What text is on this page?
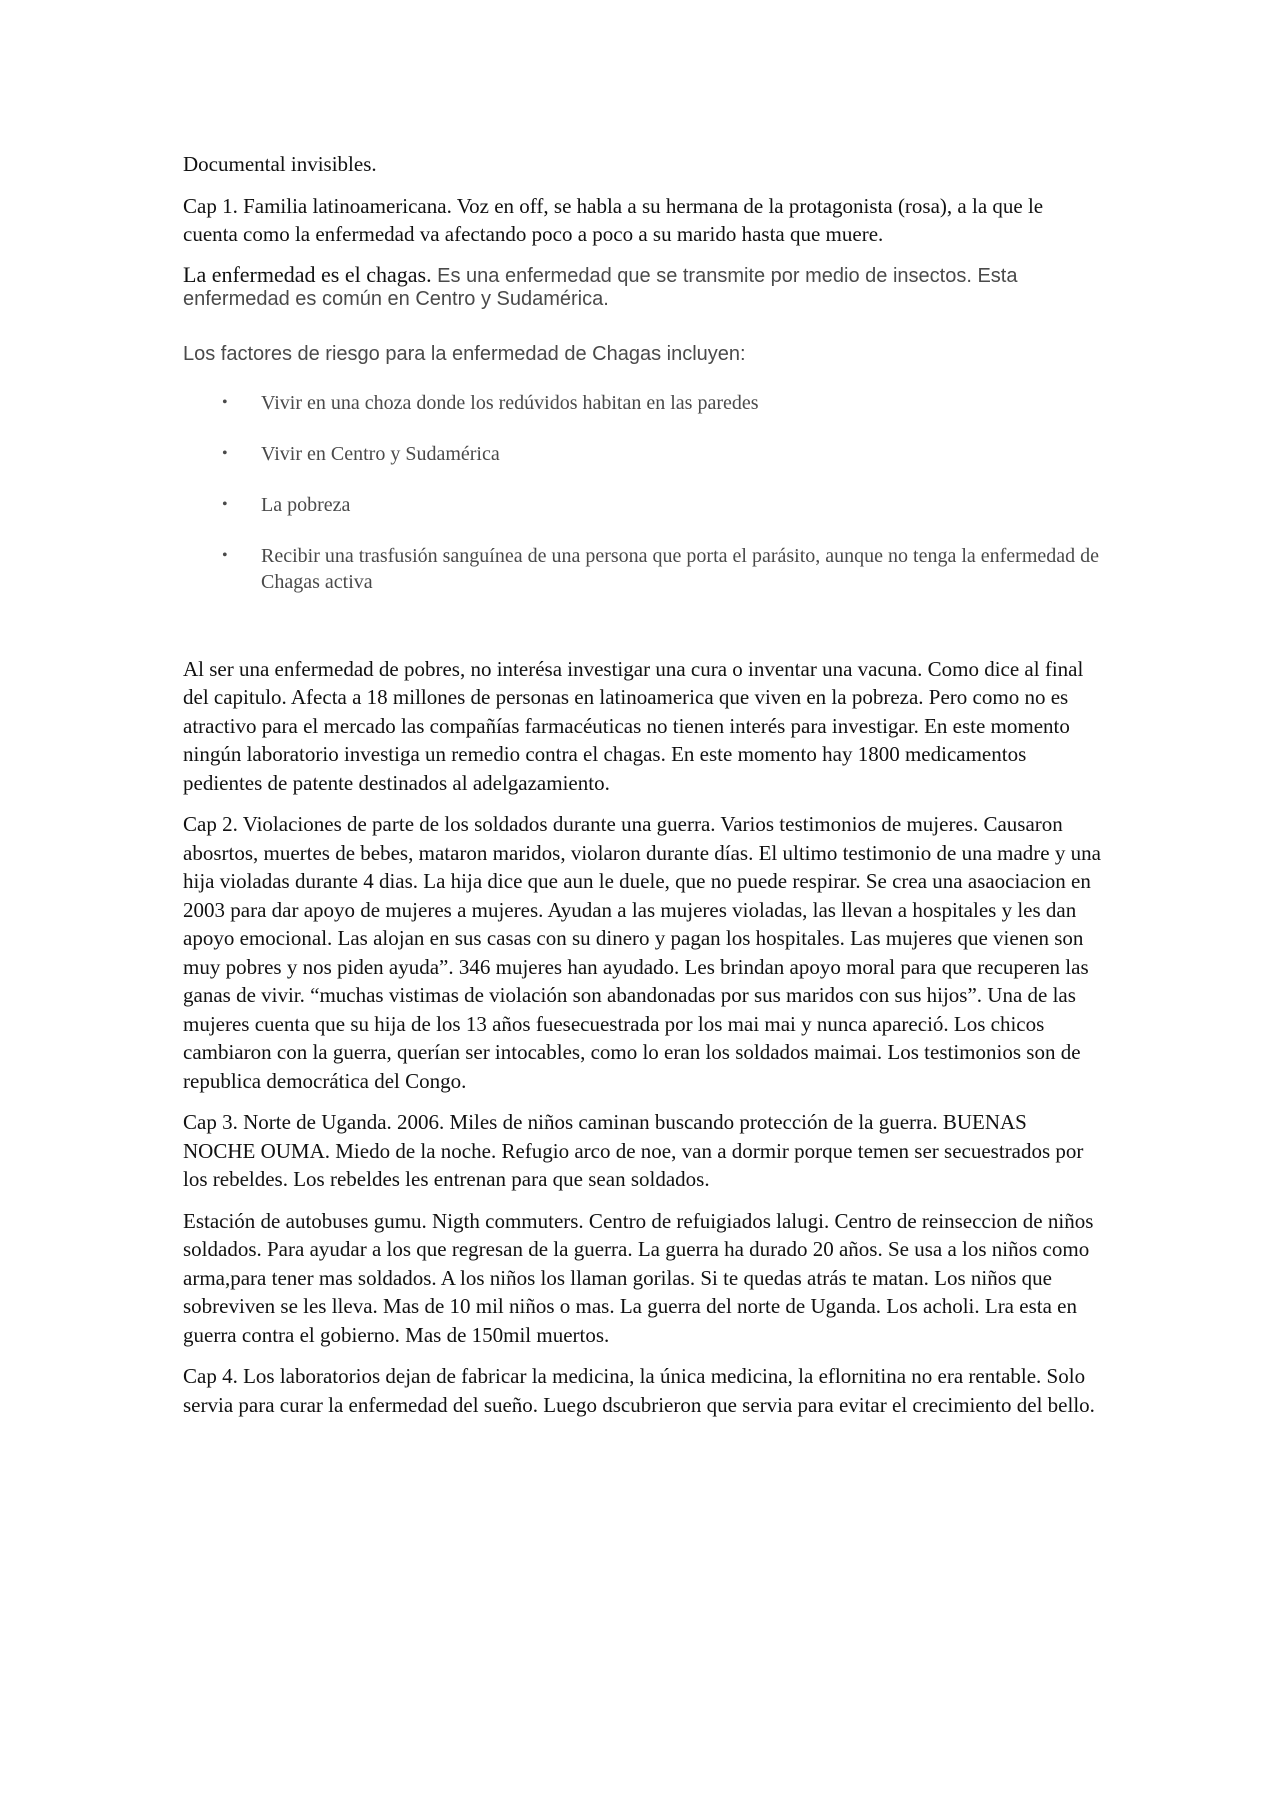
Documental invisibles.

Cap 1. Familia latinoamericana. Voz en off, se habla a su hermana de la protagonista (rosa), a la que le cuenta como la enfermedad va afectando poco a poco a su marido hasta que muere.

La enfermedad es el chagas. Es una enfermedad que se transmite por medio de insectos. Esta enfermedad es común en Centro y Sudamérica.

Los factores de riesgo para la enfermedad de Chagas incluyen:

• Vivir en una choza donde los redúvidos habitan en las paredes
• Vivir en Centro y Sudamérica
• La pobreza
• Recibir una trasfusión sanguínea de una persona que porta el parásito, aunque no tenga la enfermedad de Chagas activa

Al ser una enfermedad de pobres, no interésa investigar una cura o inventar una vacuna. Como dice al final del capitulo. Afecta a 18 millones de personas en latinoamerica que viven en la pobreza. Pero como no es atractivo para el mercado las compañías farmacéuticas no tienen interés para investigar. En este momento ningún laboratorio investiga un remedio contra el chagas. En este momento hay 1800 medicamentos pedientes de patente destinados al adelgazamiento.

Cap 2. Violaciones de parte de los soldados durante una guerra. Varios testimonios de mujeres. Causaron abosrtos, muertes de bebes, mataron maridos, violaron durante días. El ultimo testimonio de una madre y una hija violadas durante 4 dias. La hija dice que aun le duele, que no puede respirar. Se crea una asaociacion en 2003 para dar apoyo de mujeres a mujeres. Ayudan a las mujeres violadas, las llevan a hospitales y les dan apoyo emocional. Las alojan en sus casas con su dinero y pagan los hospitales. Las mujeres que vienen son muy pobres y nos piden ayuda”. 346 mujeres han ayudado. Les brindan apoyo moral para que recuperen las ganas de vivir. “muchas vistimas de violación son abandonadas por sus maridos con sus hijos”. Una de las mujeres cuenta que su hija de los 13 años fuesecuestrada por los mai mai y nunca apareció. Los chicos cambiaron con la guerra, querían ser intocables, como lo eran los soldados maimai. Los testimonios son de republica democrática del Congo.

Cap 3. Norte de Uganda. 2006. Miles de niños caminan buscando protección de la guerra. BUENAS NOCHE OUMA. Miedo de la noche. Refugio arco de noe, van a dormir porque temen ser secuestrados por los rebeldes. Los rebeldes les entrenan para que sean soldados.

Estación de autobuses gumu. Nigth commuters. Centro de refuigiados lalugi. Centro de reinseccion de niños soldados. Para ayudar a los que regresan de la guerra. La guerra ha durado 20 años. Se usa a los niños como arma,para tener mas soldados. A los niños los llaman gorilas. Si te quedas atrás te matan. Los niños que sobreviven se les lleva. Mas de 10 mil niños o mas. La guerra del norte de Uganda. Los acholi. Lra esta en guerra contra el gobierno. Mas de 150mil muertos.

Cap 4. Los laboratorios dejan de fabricar la medicina, la única medicina, la eflornitina no era rentable. Solo servia para curar la enfermedad del sueño. Luego dscubrieron que servia para evitar el crecimiento del bello.
